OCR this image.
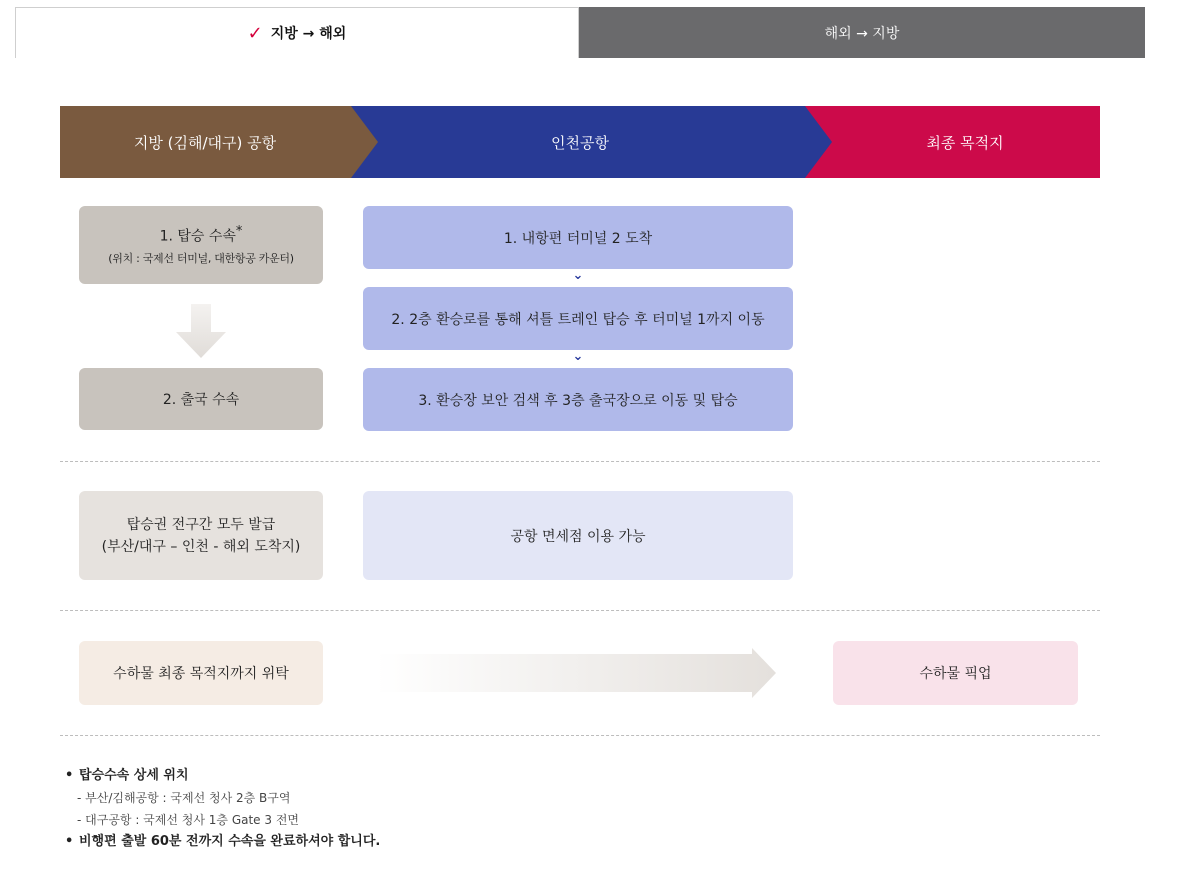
✓ 지방 → 해외	해외 → 지방
지방 (김해/대구) 공항	인천공항	최종 목적지
1. 탑승 수속*
(위치 : 국제선 터미널, 대한항공 카운터)
2. 출국 수속
1. 내항편 터미널 2 도착
⌄
2. 2층 환승로를 통해 셔틀 트레인 탑승 후 터미널 1까지 이동
⌄
3. 환승장 보안 검색 후 3층 출국장으로 이동 및 탑승
탑승권 전구간 모두 발급
(부산/대구 – 인천 - 해외 도착지)
공항 면세점 이용 가능
수하물 최종 목적지까지 위탁	수하물 픽업
• 탑승수속 상세 위치
- 부산/김해공항 : 국제선 청사 2층 B구역
- 대구공항 : 국제선 청사 1층 Gate 3 전면
• 비행편 출발 60분 전까지 수속을 완료하셔야 합니다.
